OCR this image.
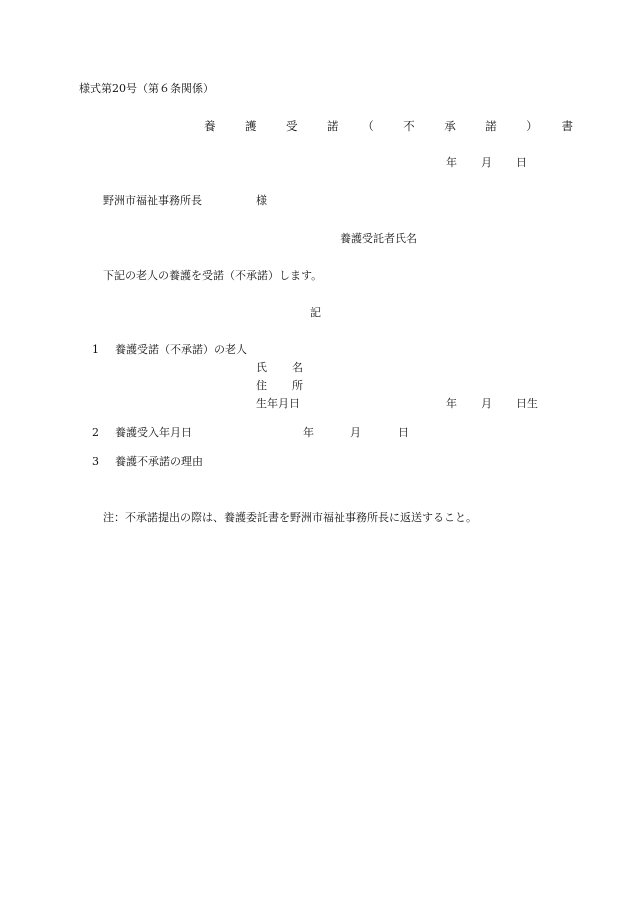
様式第20号（第６条関係）
養　護　受　諾　（　不　承　諾　）　書
年 月 日
野洲市福祉事務所長	様
養護受託者氏名
下記の老人の養護を受諾（不承諾）します。
記
1 養護受諾（不承諾）の老人
氏 名
住 所
生年月日	年 月 日生
2 養護受入年月日	年	月	日
3 養護不承諾の理由
注：不承諾提出の際は、養護委託書を野洲市福祉事務所長に返送すること。
